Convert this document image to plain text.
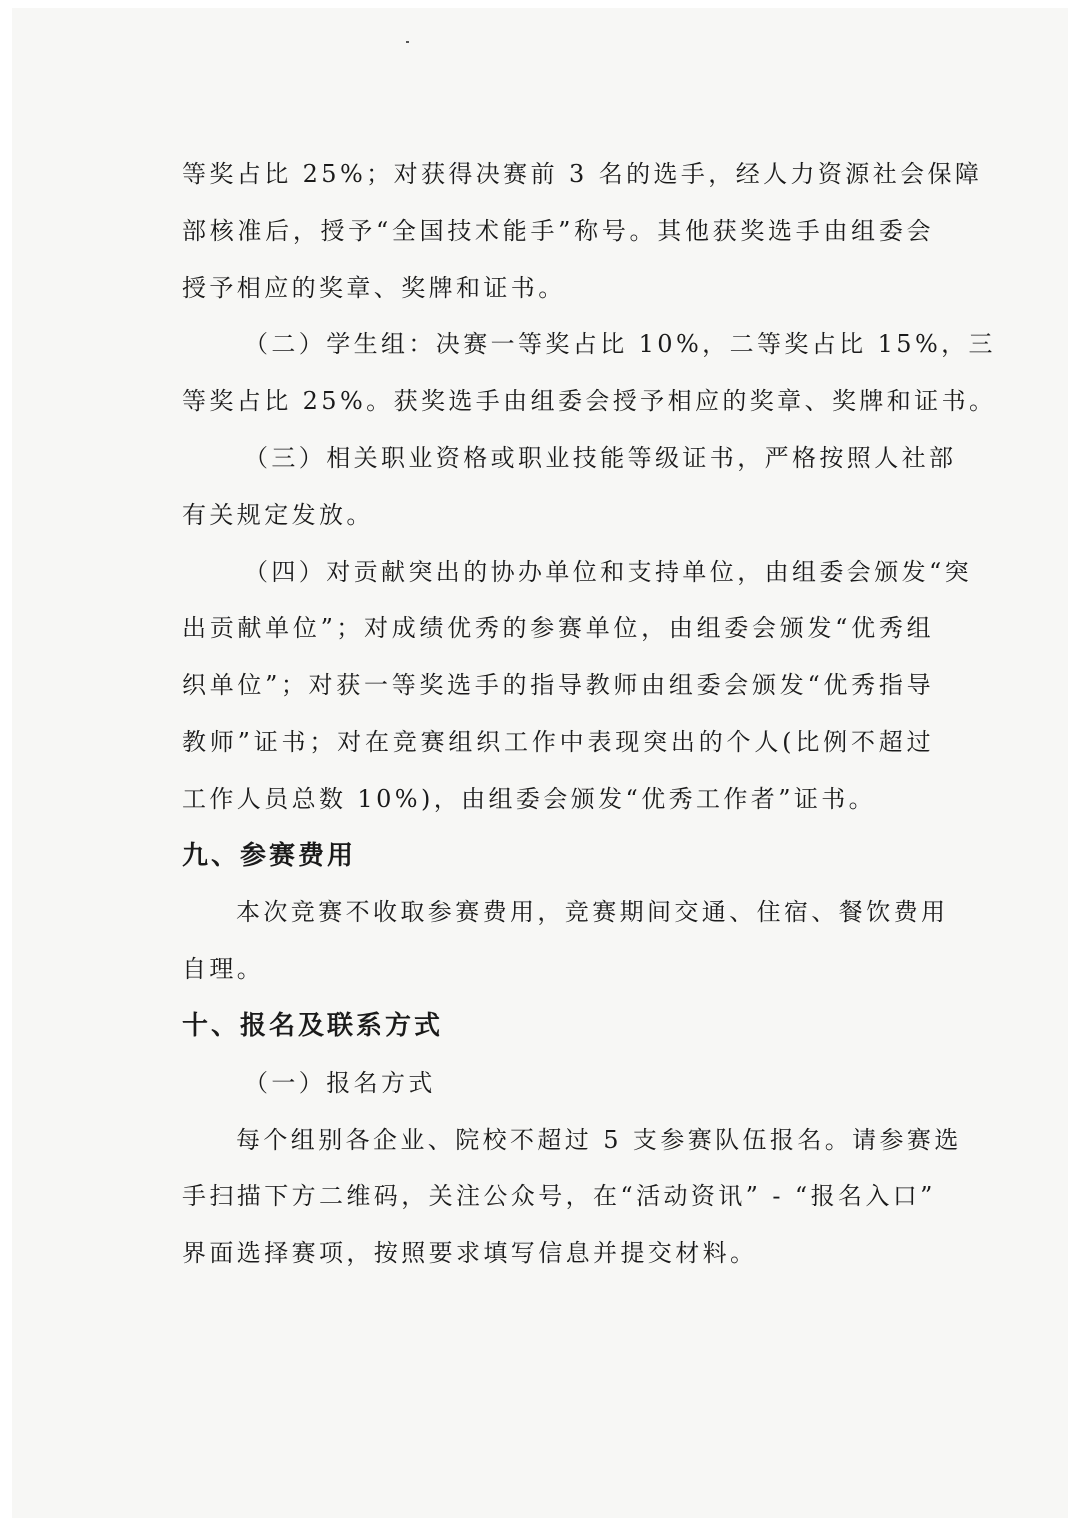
等奖占比 25%；对获得决赛前 3 名的选手，经人力资源社会保障
部核准后，授予“全国技术能手”称号。其他获奖选手由组委会
授予相应的奖章、奖牌和证书。

（二）学生组：决赛一等奖占比 10%，二等奖占比 15%，三
等奖占比 25%。获奖选手由组委会授予相应的奖章、奖牌和证书。

（三）相关职业资格或职业技能等级证书，严格按照人社部
有关规定发放。

（四）对贡献突出的协办单位和支持单位，由组委会颁发“突
出贡献单位”；对成绩优秀的参赛单位，由组委会颁发“优秀组
织单位”；对获一等奖选手的指导教师由组委会颁发“优秀指导
教师”证书；对在竞赛组织工作中表现突出的个人(比例不超过
工作人员总数 10%)，由组委会颁发“优秀工作者”证书。

九、参赛费用

本次竞赛不收取参赛费用，竞赛期间交通、住宿、餐饮费用
自理。

十、报名及联系方式

（一）报名方式

每个组别各企业、院校不超过 5 支参赛队伍报名。请参赛选
手扫描下方二维码，关注公众号，在“活动资讯” - “报名入口”
界面选择赛项，按照要求填写信息并提交材料。
